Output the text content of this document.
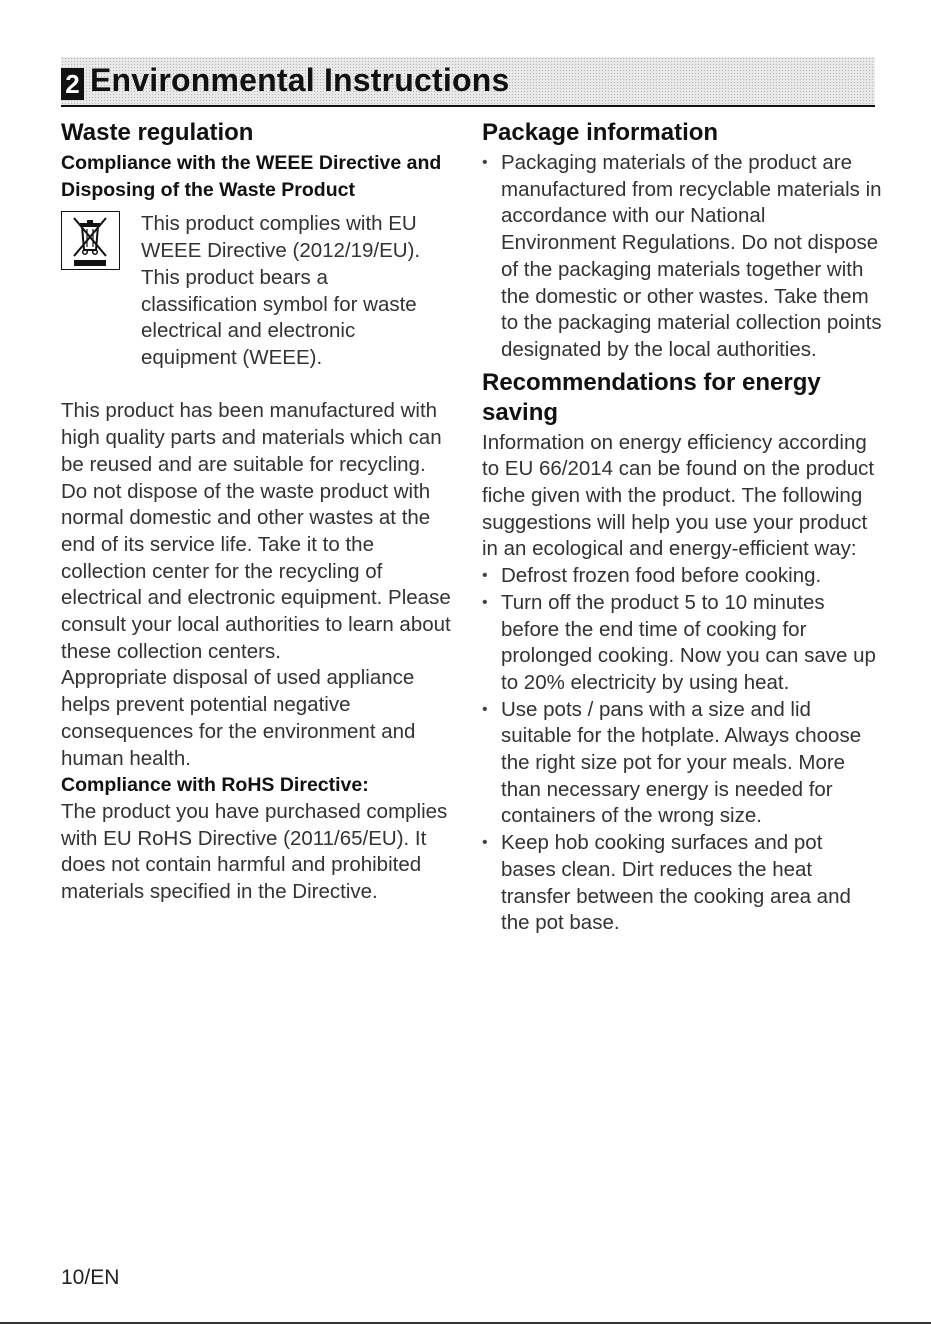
2 Environmental Instructions
Waste regulation
Compliance with the WEEE Directive and Disposing of the Waste Product
This product complies with EU WEEE Directive (2012/19/EU). This product bears a classification symbol for waste electrical and electronic equipment (WEEE).
This product has been manufactured with high quality parts and materials which can be reused and are suitable for recycling. Do not dispose of the waste product with normal domestic and other wastes at the end of its service life. Take it to the collection center for the recycling of electrical and electronic equipment. Please consult your local authorities to learn about these collection centers.
Appropriate disposal of used appliance helps prevent potential negative consequences for the environment and human health.
Compliance with RoHS Directive:
The product you have purchased complies with EU RoHS Directive (2011/65/EU). It does not contain harmful and prohibited materials specified in the Directive.
Package information
• Packaging materials of the product are manufactured from recyclable materials in accordance with our National Environment Regulations. Do not dispose of the packaging materials together with the domestic or other wastes. Take them to the packaging material collection points designated by the local authorities.
Recommendations for energy saving
Information on energy efficiency according to EU 66/2014 can be found on the product fiche given with the product. The following suggestions will help you use your product in an ecological and energy-efficient way:
• Defrost frozen food before cooking.
• Turn off the product 5 to 10 minutes before the end time of cooking for prolonged cooking. Now you can save up to 20% electricity by using heat.
• Use pots / pans with a size and lid suitable for the hotplate. Always choose the right size pot for your meals. More than necessary energy is needed for containers of the wrong size.
• Keep hob cooking surfaces and pot bases clean. Dirt reduces the heat transfer between the cooking area and the pot base.
10/EN
